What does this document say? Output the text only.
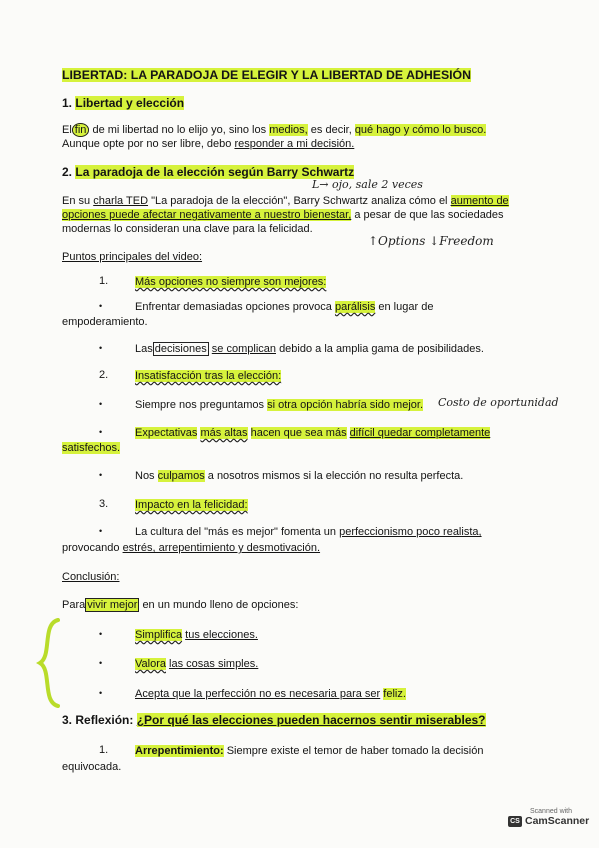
LIBERTAD: LA PARADOJA DE ELEGIR Y LA LIBERTAD DE ADHESIÓN
1. Libertad y elección
El fin de mi libertad no lo elijo yo, sino los medios, es decir, qué hago y cómo lo busco.
Aunque opte por no ser libre, debo responder a mi decisión.
2. La paradoja de la elección según Barry Schwartz
L→ ojo, sale 2 veces
En su charla TED "La paradoja de la elección", Barry Schwartz analiza cómo el aumento de
opciones puede afectar negativamente a nuestro bienestar, a pesar de que las sociedades
modernas lo consideran una clave para la felicidad.
↑Options ↓Freedom
Puntos principales del video:
1. Más opciones no siempre son mejores:
•	Enfrentar demasiadas opciones provoca parálisis en lugar de
empoderamiento.
•	Las decisiones se complican debido a la amplia gama de posibilidades.
2. Insatisfacción tras la elección:
•	Siempre nos preguntamos si otra opción habría sido mejor. Costo de oportunidad
•	Expectativas más altas hacen que sea más difícil quedar completamente
satisfechos.
•	Nos culpamos a nosotros mismos si la elección no resulta perfecta.
3. Impacto en la felicidad:
•	La cultura del "más es mejor" fomenta un perfeccionismo poco realista,
provocando estrés, arrepentimiento y desmotivación.
Conclusión:
Para vivir mejor en un mundo lleno de opciones:
•	Simplifica tus elecciones.
•	Valora las cosas simples.
•	Acepta que la perfección no es necesaria para ser feliz.
3. Reflexión: ¿Por qué las elecciones pueden hacernos sentir miserables?
1. Arrepentimiento: Siempre existe el temor de haber tomado la decisión
equivocada.
Scanned with
CS CamScanner
